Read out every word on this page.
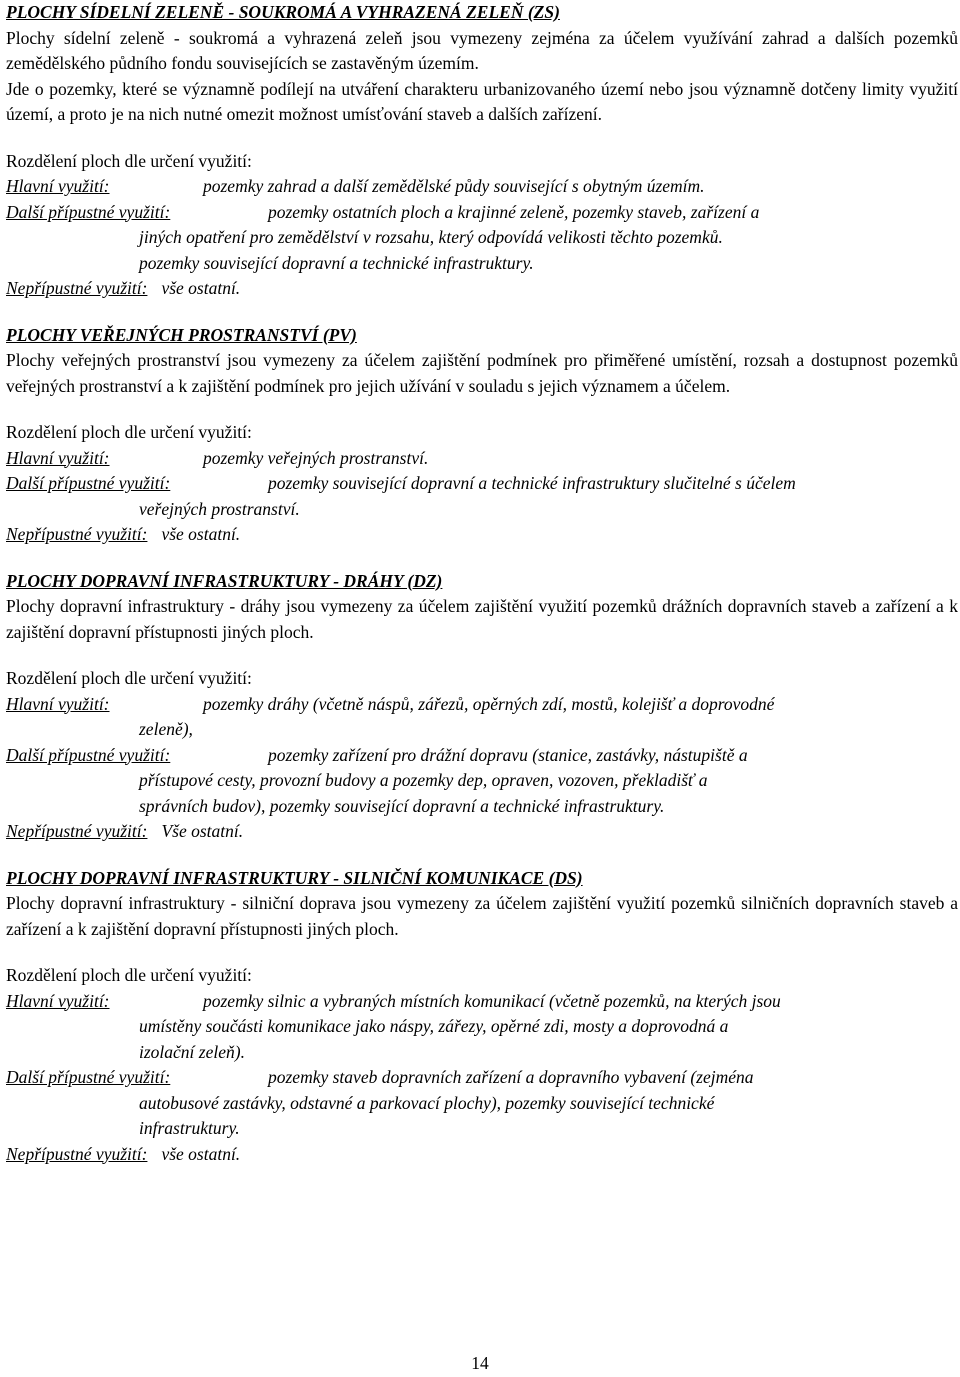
PLOCHY SÍDELNÍ ZELENĚ - SOUKROMÁ A VYHRAZENÁ ZELEŇ (ZS)
Plochy sídelní zeleně - soukromá a vyhrazená zeleň jsou vymezeny zejména za účelem využívání zahrad a dalších pozemků zemědělského půdního fondu souvisejících se zastavěným územím.
Jde o pozemky, které se významně podílejí na utváření charakteru urbanizovaného území nebo jsou významně dotčeny limity využití území, a proto je na nich nutné omezit možnost umísťování staveb a dalších zařízení.
Rozdělení ploch dle určení využití:
Hlavní využití:	pozemky zahrad a další zemědělské půdy související s obytným územím.
Další přípustné využití:	pozemky ostatních ploch a krajinné zeleně, pozemky staveb, zařízení a
jiných opatření pro zemědělství v rozsahu, který odpovídá velikosti těchto pozemků.
pozemky související dopravní a technické infrastruktury.
Nepřípustné využití: vše ostatní.
PLOCHY VEŘEJNÝCH PROSTRANSTVÍ (PV)
Plochy veřejných prostranství jsou vymezeny za účelem zajištění podmínek pro přiměřené umístění, rozsah a dostupnost pozemků veřejných prostranství a k zajištění podmínek pro jejich užívání v souladu s jejich významem a účelem.
Rozdělení ploch dle určení využití:
Hlavní využití:	pozemky veřejných prostranství.
Další přípustné využití:	pozemky související dopravní a technické infrastruktury slučitelné s účelem
veřejných prostranství.
Nepřípustné využití: vše ostatní.
PLOCHY DOPRAVNÍ INFRASTRUKTURY - DRÁHY (DZ)
Plochy dopravní infrastruktury - dráhy jsou vymezeny za účelem zajištění využití pozemků drážních dopravních staveb a zařízení a k zajištění dopravní přístupnosti jiných ploch.
Rozdělení ploch dle určení využití:
Hlavní využití:	pozemky dráhy (včetně náspů, zářezů, opěrných zdí, mostů, kolejišť a doprovodné
zeleně),
Další přípustné využití:	pozemky zařízení pro drážní dopravu (stanice, zastávky, nástupiště a
přístupové cesty, provozní budovy a pozemky dep, opraven, vozoven, překladišť a
správních budov), pozemky související dopravní a technické infrastruktury.
Nepřípustné využití: Vše ostatní.
PLOCHY DOPRAVNÍ INFRASTRUKTURY - SILNIČNÍ KOMUNIKACE (DS)
Plochy dopravní infrastruktury - silniční doprava jsou vymezeny za účelem zajištění využití pozemků silničních dopravních staveb a zařízení a k zajištění dopravní přístupnosti jiných ploch.
Rozdělení ploch dle určení využití:
Hlavní využití:	pozemky silnic a vybraných místních komunikací (včetně pozemků, na kterých jsou
umístěny součásti komunikace jako náspy, zářezy, opěrné zdi, mosty a doprovodná a
izolační zeleň).
Další přípustné využití:	pozemky staveb dopravních zařízení a dopravního vybavení (zejména
autobusové zastávky, odstavné a parkovací plochy), pozemky související technické
infrastruktury.
Nepřípustné využití: vše ostatní.
14
